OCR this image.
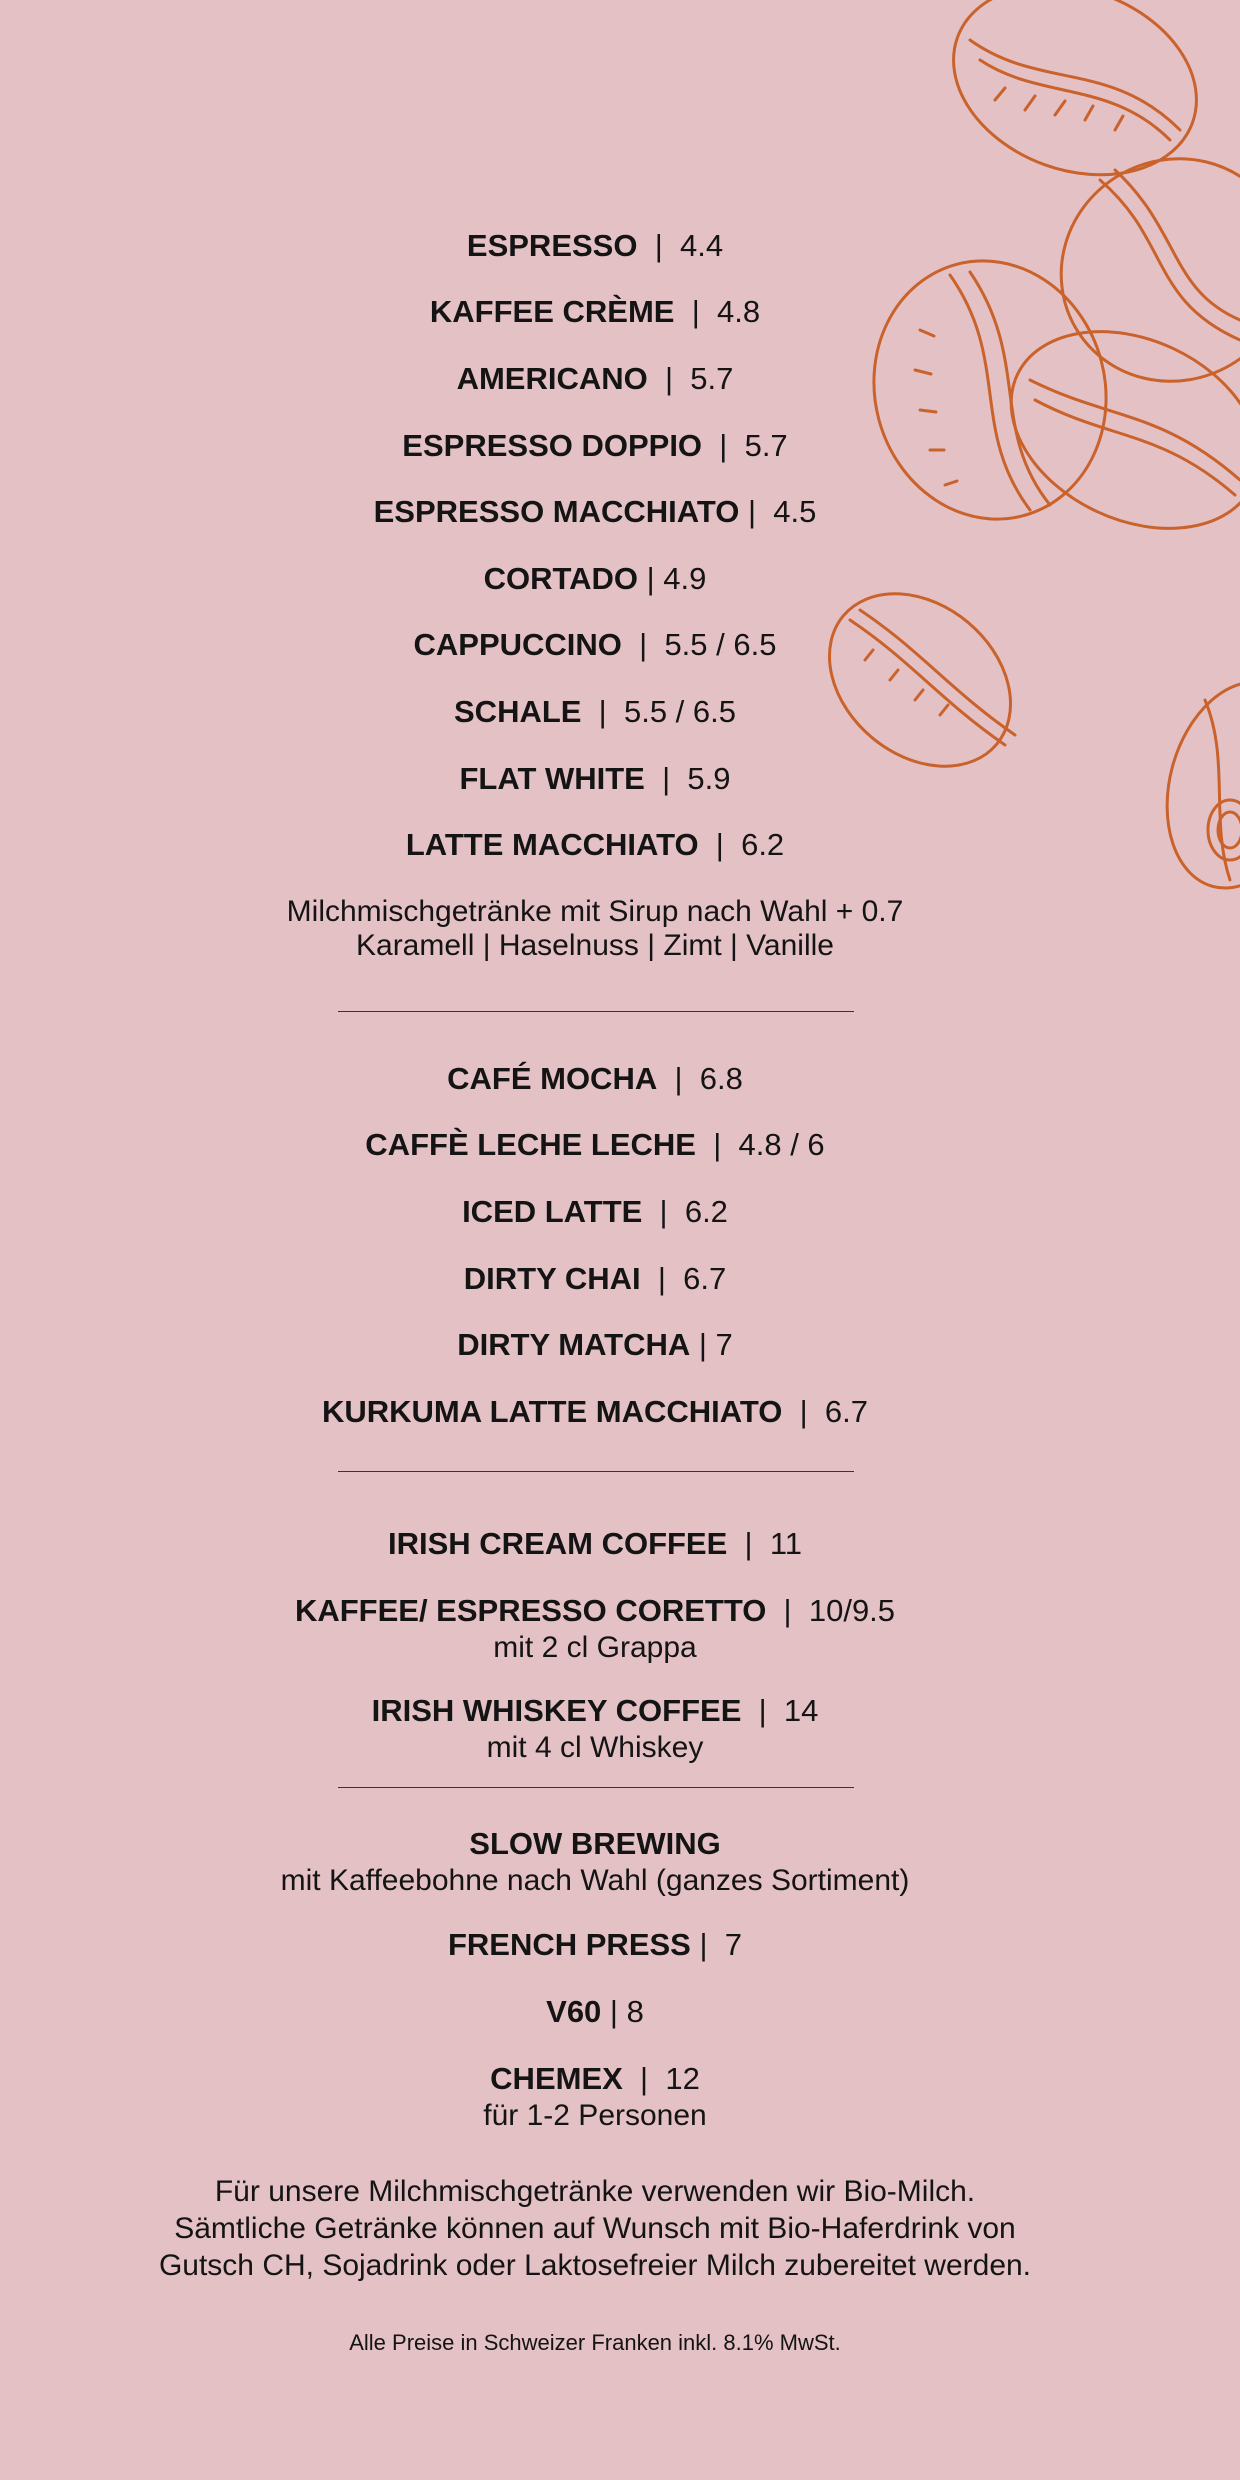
ESPRESSO  |  4.4
KAFFEE CRÈME  |  4.8
AMERICANO  |  5.7
ESPRESSO DOPPIO  |  5.7
ESPRESSO MACCHIATO |  4.5
CORTADO | 4.9
CAPPUCCINO  |  5.5 / 6.5
SCHALE  |  5.5 / 6.5
FLAT WHITE  |  5.9
LATTE MACCHIATO  |  6.2
Milchmischgetränke mit Sirup nach Wahl + 0.7
Karamell | Haselnuss | Zimt | Vanille
CAFÉ MOCHA  |  6.8
CAFFÈ LECHE LECHE  |  4.8 / 6
ICED LATTE  |  6.2
DIRTY CHAI  |  6.7
DIRTY MATCHA | 7
KURKUMA LATTE MACCHIATO  |  6.7
IRISH CREAM COFFEE  |  11
KAFFEE/ ESPRESSO CORETTO  |  10/9.5
mit 2 cl Grappa
IRISH WHISKEY COFFEE  |  14
mit 4 cl Whiskey
SLOW BREWING
mit Kaffeebohne nach Wahl (ganzes Sortiment)
FRENCH PRESS |  7
V60 | 8
CHEMEX  |  12
für 1-2 Personen
Für unsere Milchmischgetränke verwenden wir Bio-Milch.
Sämtliche Getränke können auf Wunsch mit Bio-Haferdrink von
Gutsch CH, Sojadrink oder Laktosefreier Milch zubereitet werden.
Alle Preise in Schweizer Franken inkl. 8.1% MwSt.
